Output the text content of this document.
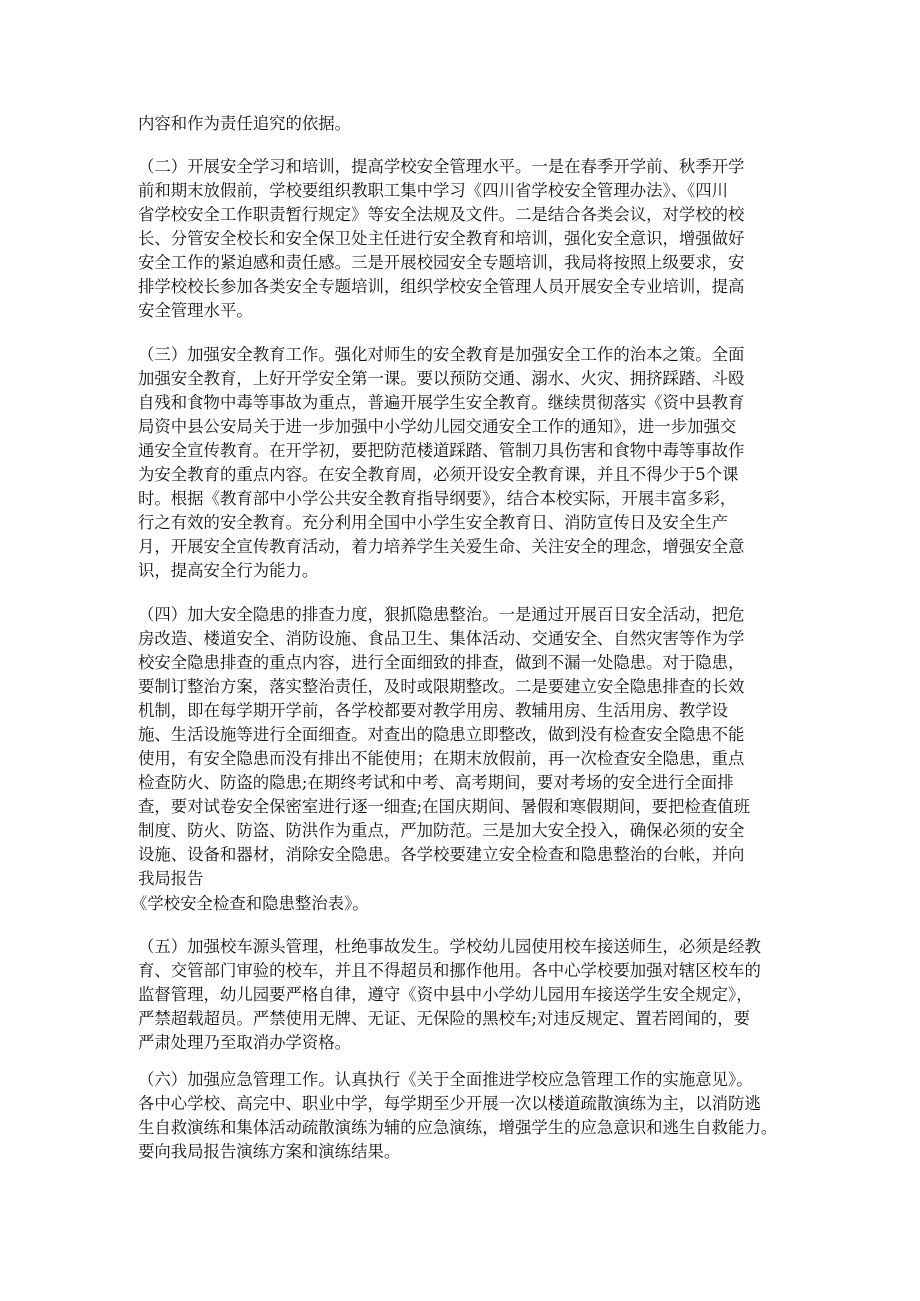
内容和作为责任追究的依据。
（二）开展安全学习和培训，提高学校安全管理水平。一是在春季开学前、秋季开学
前和期末放假前，学校要组织教职工集中学习《四川省学校安全管理办法》、《四川
省学校安全工作职责暂行规定》等安全法规及文件。二是结合各类会议，对学校的校
长、分管安全校长和安全保卫处主任进行安全教育和培训，强化安全意识，增强做好
安全工作的紧迫感和责任感。三是开展校园安全专题培训，我局将按照上级要求，安
排学校校长参加各类安全专题培训，组织学校安全管理人员开展安全专业培训，提高
安全管理水平。
（三）加强安全教育工作。强化对师生的安全教育是加强安全工作的治本之策。全面
加强安全教育，上好开学安全第一课。要以预防交通、溺水、火灾、拥挤踩踏、斗殴
自残和食物中毒等事故为重点，普遍开展学生安全教育。继续贯彻落实《资中县教育
局资中县公安局关于进一步加强中小学幼儿园交通安全工作的通知》，进一步加强交
通安全宣传教育。在开学初，要把防范楼道踩踏、管制刀具伤害和食物中毒等事故作
为安全教育的重点内容。在安全教育周，必须开设安全教育课，并且不得少于5个课
时。根据《教育部中小学公共安全教育指导纲要》，结合本校实际，开展丰富多彩，
行之有效的安全教育。充分利用全国中小学生安全教育日、消防宣传日及安全生产
月，开展安全宣传教育活动，着力培养学生关爱生命、关注安全的理念，增强安全意
识，提高安全行为能力。
（四）加大安全隐患的排查力度，狠抓隐患整治。一是通过开展百日安全活动，把危
房改造、楼道安全、消防设施、食品卫生、集体活动、交通安全、自然灾害等作为学
校安全隐患排查的重点内容，进行全面细致的排查，做到不漏一处隐患。对于隐患，
要制订整治方案，落实整治责任，及时或限期整改。二是要建立安全隐患排查的长效
机制，即在每学期开学前，各学校都要对教学用房、教辅用房、生活用房、教学设
施、生活设施等进行全面细查。对查出的隐患立即整改，做到没有检查安全隐患不能
使用，有安全隐患而没有排出不能使用；在期末放假前，再一次检查安全隐患，重点
检查防火、防盗的隐患;在期终考试和中考、高考期间，要对考场的安全进行全面排
查，要对试卷安全保密室进行逐一细查;在国庆期间、暑假和寒假期间，要把检查值班
制度、防火、防盗、防洪作为重点，严加防范。三是加大安全投入，确保必须的安全
设施、设备和器材，消除安全隐患。各学校要建立安全检查和隐患整治的台帐，并向
我局报告
《学校安全检查和隐患整治表》。
（五）加强校车源头管理，杜绝事故发生。学校幼儿园使用校车接送师生，必须是经教
育、交管部门审验的校车，并且不得超员和挪作他用。各中心学校要加强对辖区校车的
监督管理，幼儿园要严格自律，遵守《资中县中小学幼儿园用车接送学生安全规定》，
严禁超载超员。严禁使用无牌、无证、无保险的黑校车;对违反规定、置若罔闻的，要
严肃处理乃至取消办学资格。
（六）加强应急管理工作。认真执行《关于全面推进学校应急管理工作的实施意见》。
各中心学校、高完中、职业中学，每学期至少开展一次以楼道疏散演练为主，以消防逃
生自救演练和集体活动疏散演练为辅的应急演练，增强学生的应急意识和逃生自救能力。
要向我局报告演练方案和演练结果。
